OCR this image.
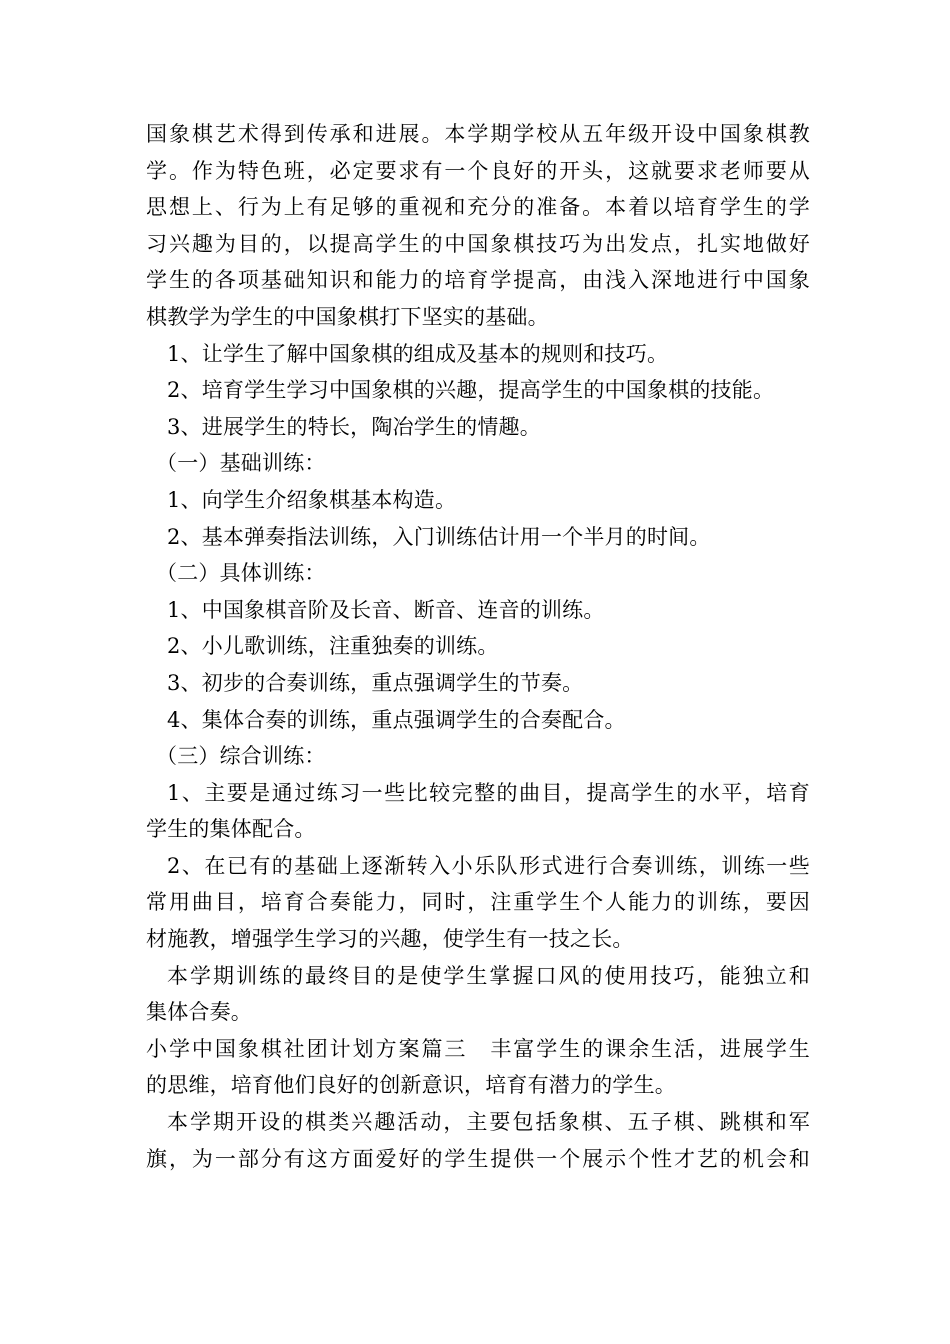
国象棋艺术得到传承和进展。本学期学校从五年级开设中国象棋教
学。作为特色班，必定要求有一个良好的开头，这就要求老师要从
思想上、行为上有足够的重视和充分的准备。本着以培育学生的学
习兴趣为目的，以提高学生的中国象棋技巧为出发点，扎实地做好
学生的各项基础知识和能力的培育学提高，由浅入深地进行中国象
棋教学为学生的中国象棋打下坚实的基础。
1、让学生了解中国象棋的组成及基本的规则和技巧。
2、培育学生学习中国象棋的兴趣，提高学生的中国象棋的技能。
3、进展学生的特长，陶冶学生的情趣。
（一）基础训练：
1、向学生介绍象棋基本构造。
2、基本弹奏指法训练，入门训练估计用一个半月的时间。
（二）具体训练：
1、中国象棋音阶及长音、断音、连音的训练。
2、小儿歌训练，注重独奏的训练。
3、初步的合奏训练，重点强调学生的节奏。
4、集体合奏的训练，重点强调学生的合奏配合。
（三）综合训练：
1、主要是通过练习一些比较完整的曲目，提高学生的水平，培育
学生的集体配合。
2、在已有的基础上逐渐转入小乐队形式进行合奏训练，训练一些
常用曲目，培育合奏能力，同时，注重学生个人能力的训练，要因
材施教，增强学生学习的兴趣，使学生有一技之长。
本学期训练的最终目的是使学生掌握口风的使用技巧，能独立和
集体合奏。
小学中国象棋社团计划方案篇三　丰富学生的课余生活，进展学生
的思维，培育他们良好的创新意识，培育有潜力的学生。
本学期开设的棋类兴趣活动，主要包括象棋、五子棋、跳棋和军
旗，为一部分有这方面爱好的学生提供一个展示个性才艺的机会和
